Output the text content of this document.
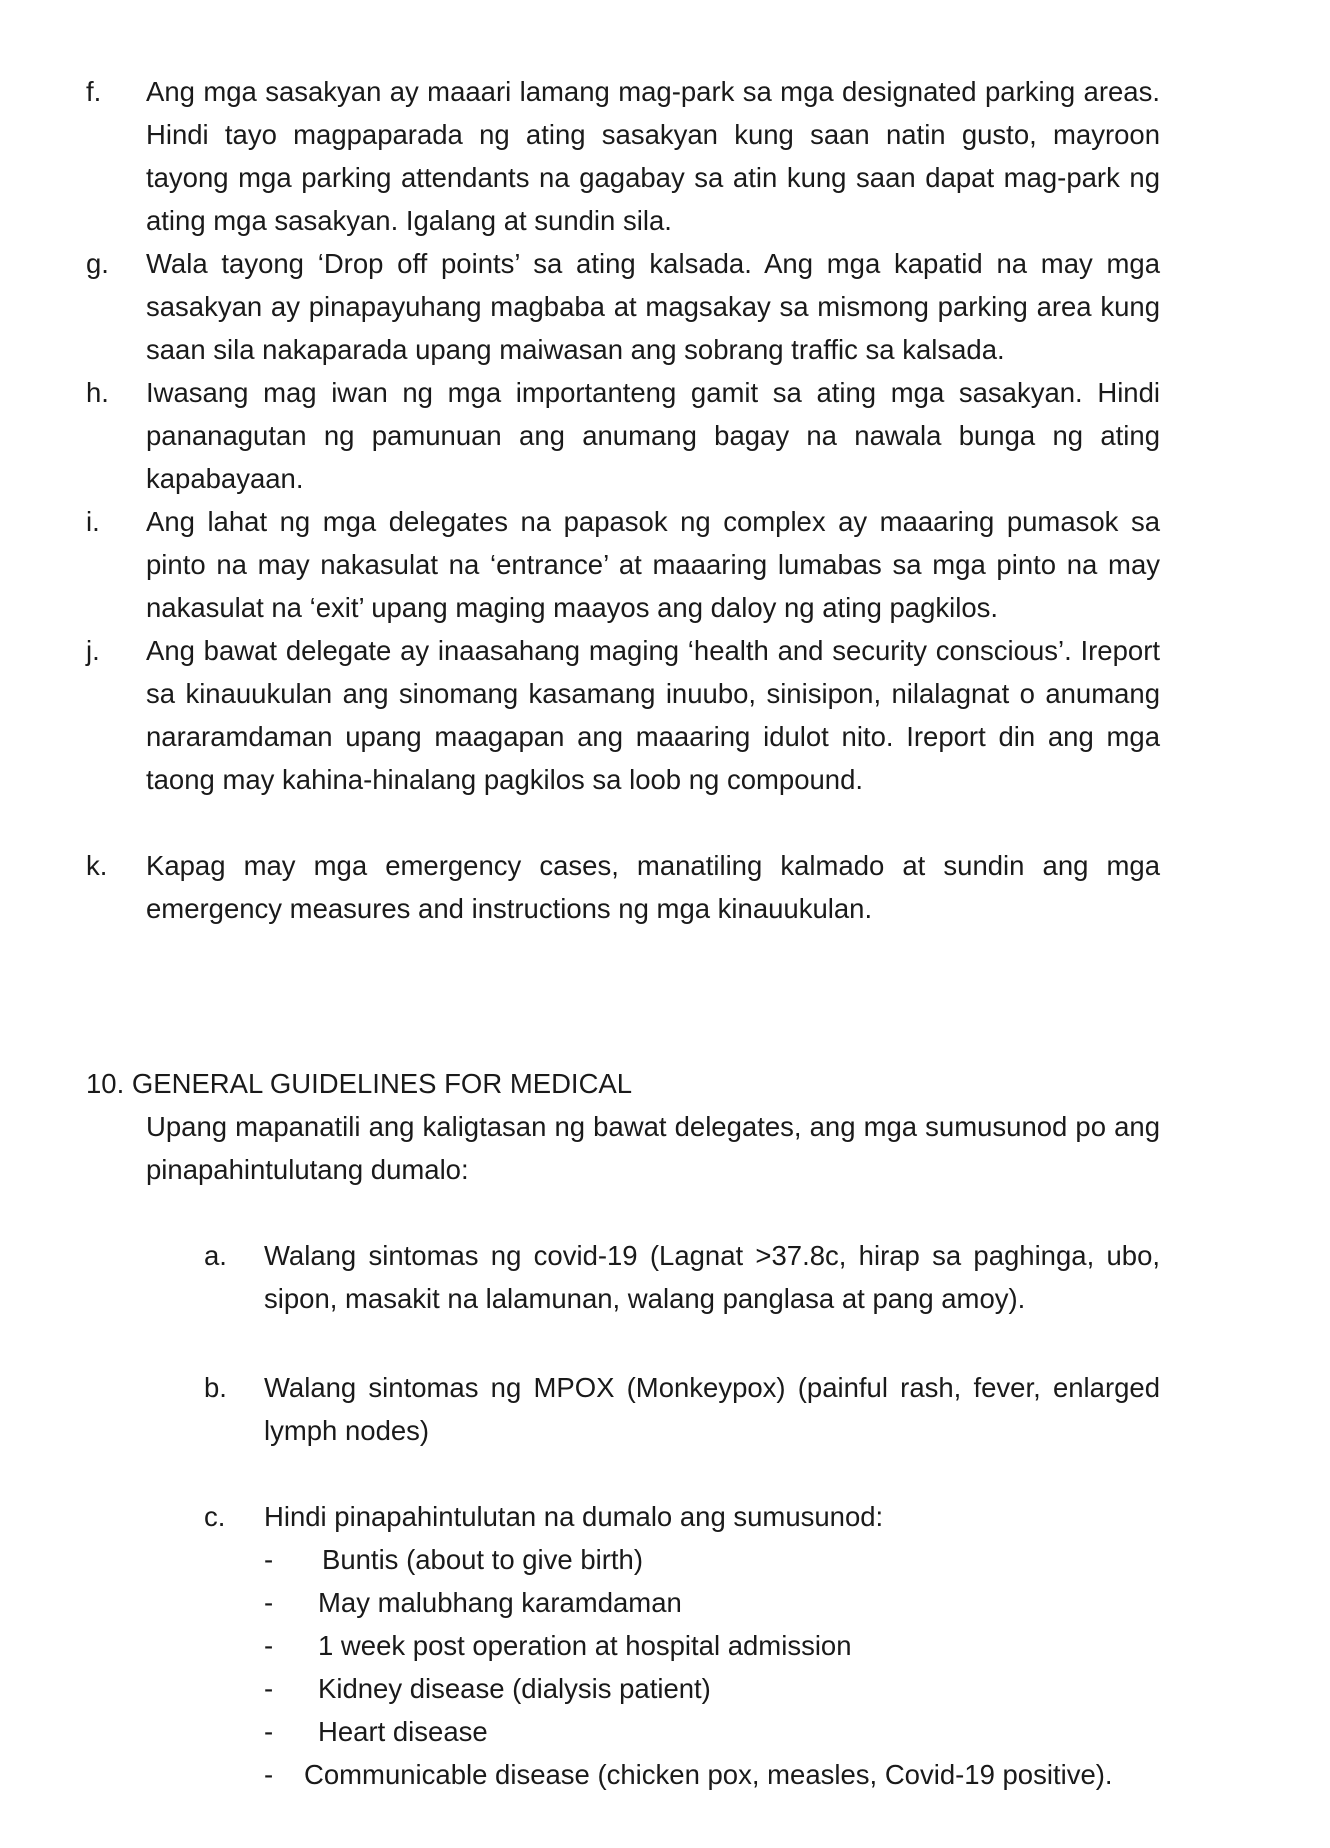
f.	Ang mga sasakyan ay maaari lamang mag-park sa mga designated parking areas. Hindi tayo magpaparada ng ating sasakyan kung saan natin gusto, mayroon tayong mga parking attendants na gagabay sa atin kung saan dapat mag-park ng ating mga sasakyan. Igalang at sundin sila.
g.	Wala tayong ‘Drop off points’ sa ating kalsada. Ang mga kapatid na may mga sasakyan ay pinapayuhang magbaba at magsakay sa mismong parking area kung saan sila nakaparada upang maiwasan ang sobrang traffic sa kalsada.
h.	Iwasang mag iwan ng mga importanteng gamit sa ating mga sasakyan. Hindi pananagutan ng pamunuan ang anumang bagay na nawala bunga ng ating kapabayaan.
i.	Ang lahat ng mga delegates na papasok ng complex ay maaaring pumasok sa pinto na may nakasulat na ‘entrance’ at maaaring lumabas sa mga pinto na may nakasulat na ‘exit’ upang maging maayos ang daloy ng ating pagkilos.
j.	Ang bawat delegate ay inaasahang maging ‘health and security conscious’. Ireport sa kinauukulan ang sinomang kasamang inuubo, sinisipon, nilalagnat o anumang nararamdaman upang maagapan ang maaaring idulot nito. Ireport din ang mga taong may kahina-hinalang pagkilos sa loob ng compound.
k.	Kapag may mga emergency cases, manatiling kalmado at sundin ang mga emergency measures and instructions ng mga kinauukulan.
10. GENERAL GUIDELINES FOR MEDICAL
Upang mapanatili ang kaligtasan ng bawat delegates, ang mga sumusunod po ang pinapahintulutang dumalo:
a.	Walang sintomas ng covid-19 (Lagnat >37.8c, hirap sa paghinga, ubo, sipon, masakit na lalamunan, walang panglasa at pang amoy).
b.	Walang sintomas ng MPOX (Monkeypox) (painful rash, fever, enlarged lymph nodes)
c.	Hindi pinapahintulutan na dumalo ang sumusunod:
- Buntis (about to give birth)
- May malubhang karamdaman
- 1 week post operation at hospital admission
- Kidney disease (dialysis patient)
- Heart disease
- Communicable disease (chicken pox, measles, Covid-19 positive).
